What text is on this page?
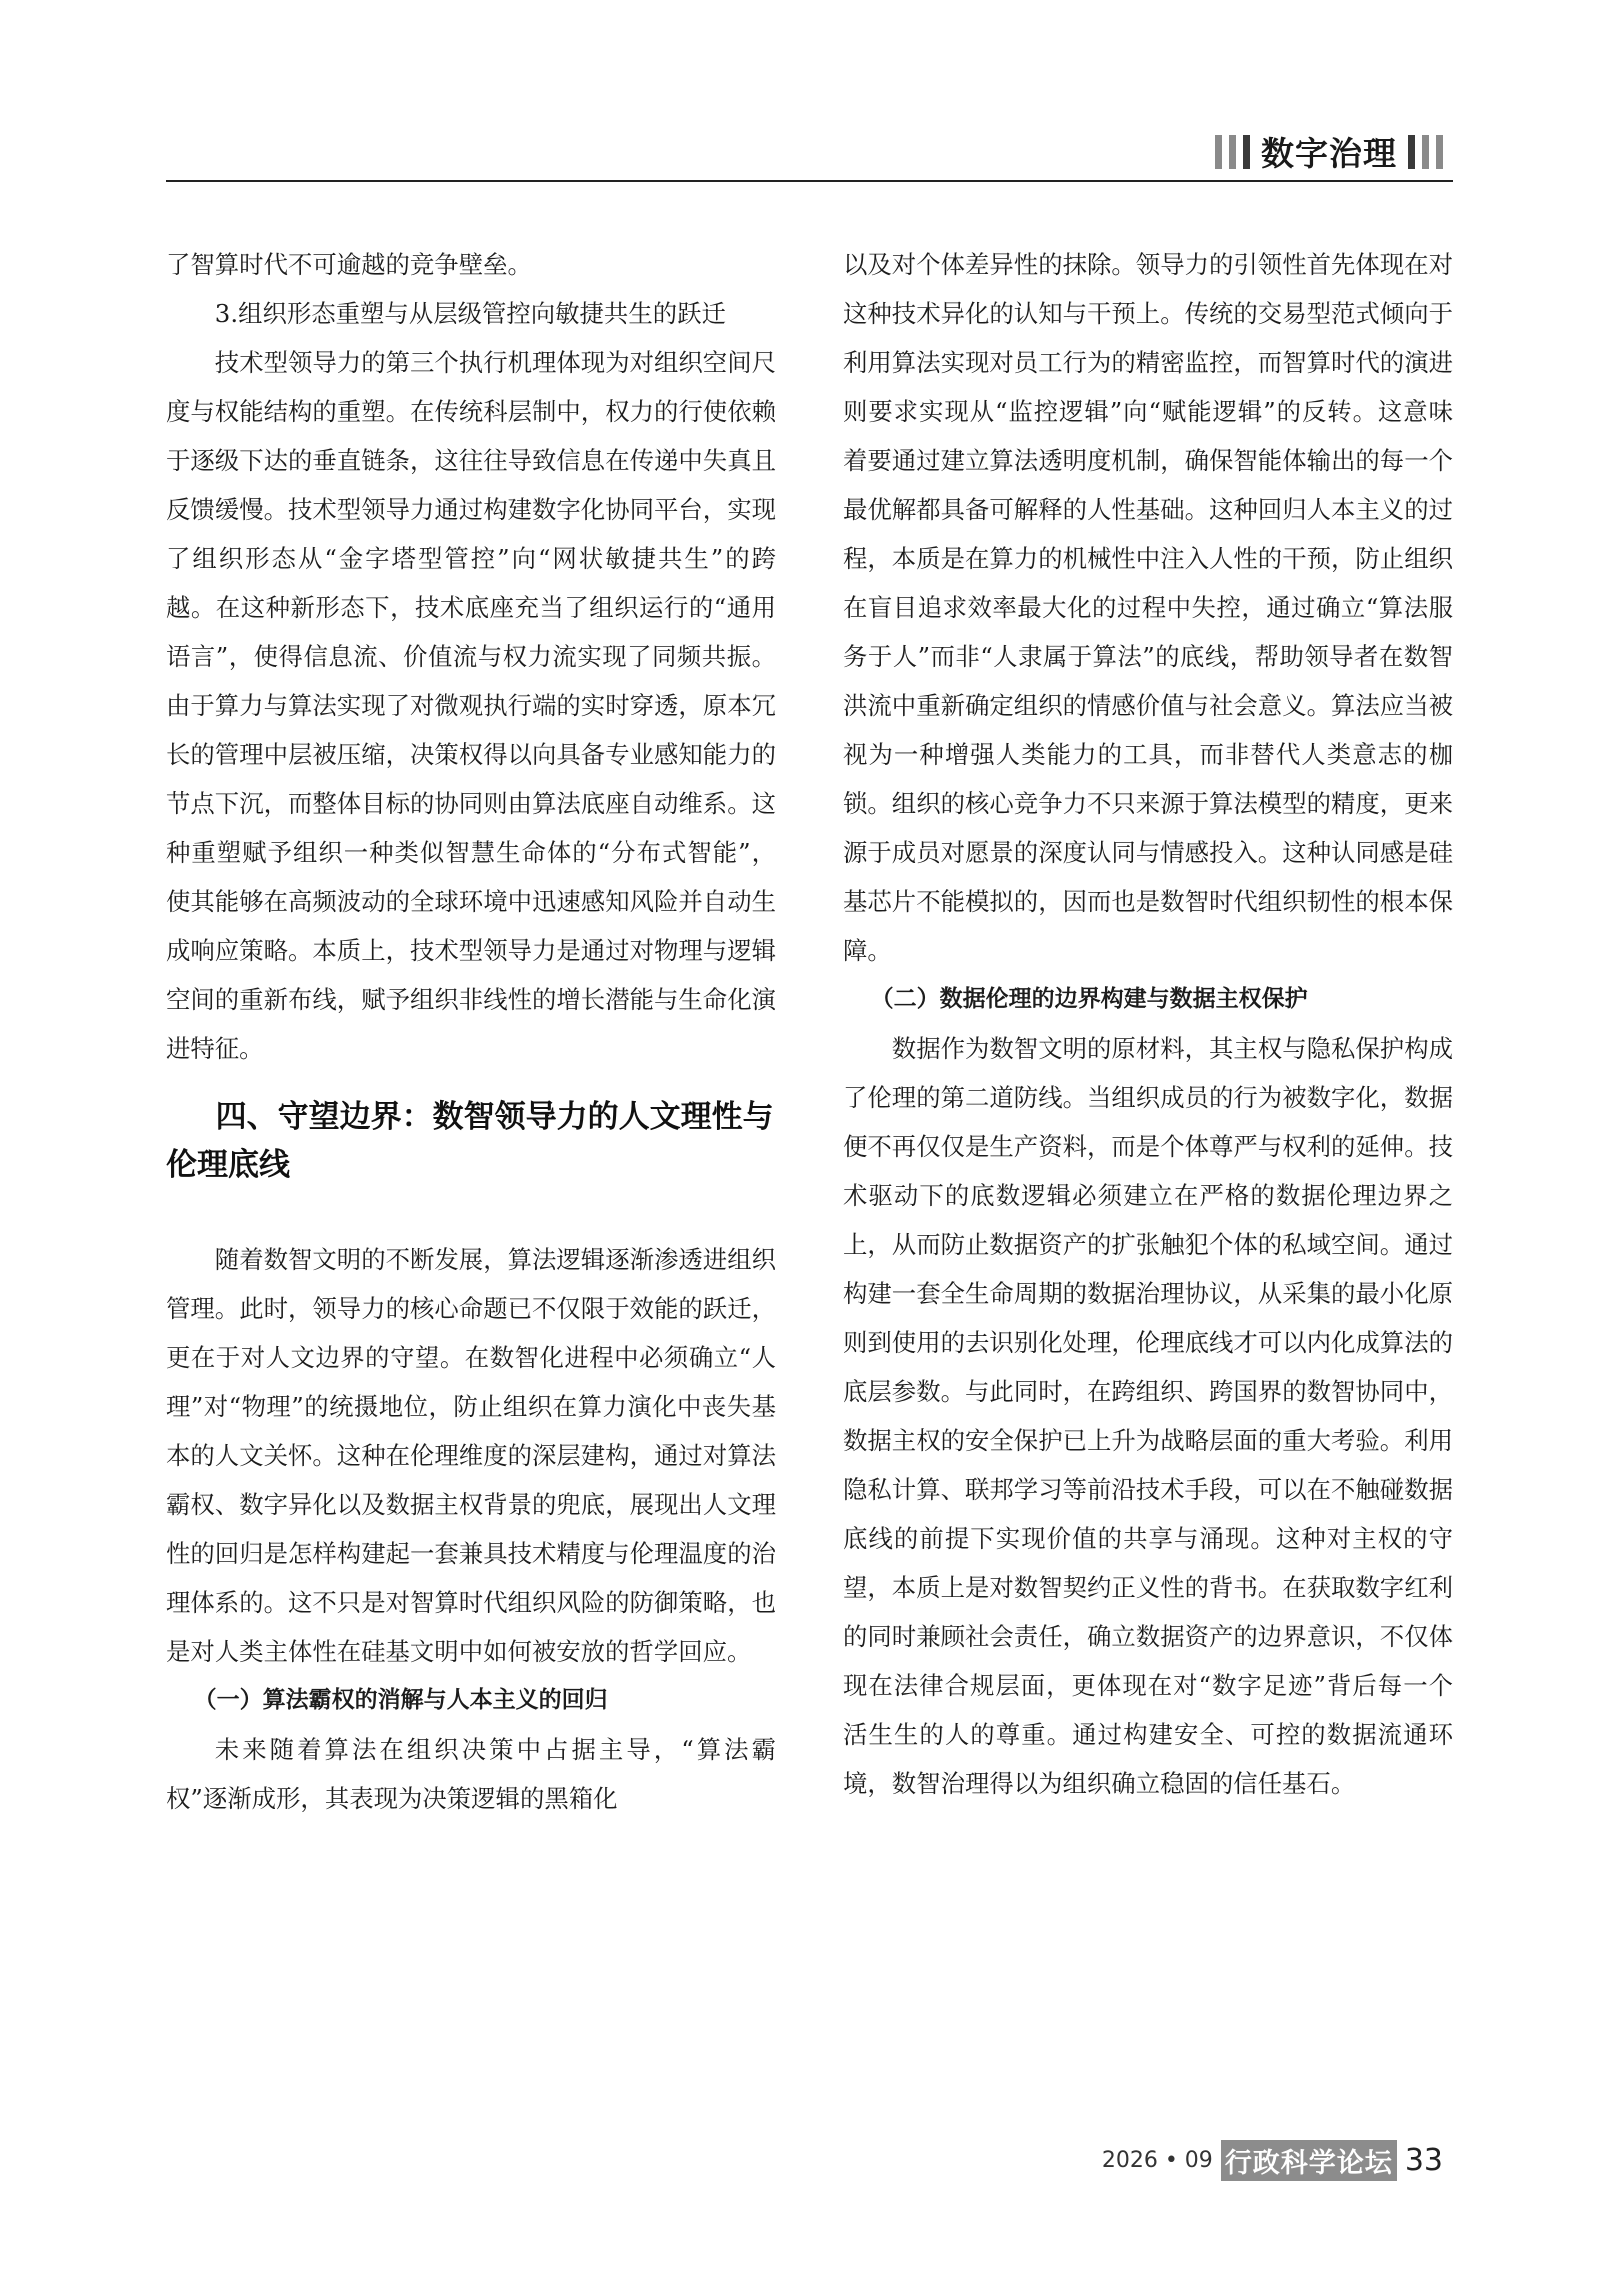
数字治理

了智算时代不可逾越的竞争壁垒。

3.组织形态重塑与从层级管控向敏捷共生的跃迁

技术型领导力的第三个执行机理体现为对组织空间尺度与权能结构的重塑。在传统科层制中，权力的行使依赖于逐级下达的垂直链条，这往往导致信息在传递中失真且反馈缓慢。技术型领导力通过构建数字化协同平台，实现了组织形态从“金字塔型管控”向“网状敏捷共生”的跨越。在这种新形态下，技术底座充当了组织运行的“通用语言”，使得信息流、价值流与权力流实现了同频共振。由于算力与算法实现了对微观执行端的实时穿透，原本冗长的管理中层被压缩，决策权得以向具备专业感知能力的节点下沉，而整体目标的协同则由算法底座自动维系。这种重塑赋予组织一种类似智慧生命体的“分布式智能”，使其能够在高频波动的全球环境中迅速感知风险并自动生成响应策略。本质上，技术型领导力是通过对物理与逻辑空间的重新布线，赋予组织非线性的增长潜能与生命化演进特征。

四、守望边界：数智领导力的人文理性与伦理底线

随着数智文明的不断发展，算法逻辑逐渐渗透进组织管理。此时，领导力的核心命题已不仅限于效能的跃迁，更在于对人文边界的守望。在数智化进程中必须确立“人理”对“物理”的统摄地位，防止组织在算力演化中丧失基本的人文关怀。这种在伦理维度的深层建构，通过对算法霸权、数字异化以及数据主权背景的兜底，展现出人文理性的回归是怎样构建起一套兼具技术精度与伦理温度的治理体系的。这不只是对智算时代组织风险的防御策略，也是对人类主体性在硅基文明中如何被安放的哲学回应。

（一）算法霸权的消解与人本主义的回归

未来随着算法在组织决策中占据主导，“算法霸权”逐渐成形，其表现为决策逻辑的黑箱化

以及对个体差异性的抹除。领导力的引领性首先体现在对这种技术异化的认知与干预上。传统的交易型范式倾向于利用算法实现对员工行为的精密监控，而智算时代的演进则要求实现从“监控逻辑”向“赋能逻辑”的反转。这意味着要通过建立算法透明度机制，确保智能体输出的每一个最优解都具备可解释的人性基础。这种回归人本主义的过程，本质是在算力的机械性中注入人性的干预，防止组织在盲目追求效率最大化的过程中失控，通过确立“算法服务于人”而非“人隶属于算法”的底线，帮助领导者在数智洪流中重新确定组织的情感价值与社会意义。算法应当被视为一种增强人类能力的工具，而非替代人类意志的枷锁。组织的核心竞争力不只来源于算法模型的精度，更来源于成员对愿景的深度认同与情感投入。这种认同感是硅基芯片不能模拟的，因而也是数智时代组织韧性的根本保障。

（二）数据伦理的边界构建与数据主权保护

数据作为数智文明的原材料，其主权与隐私保护构成了伦理的第二道防线。当组织成员的行为被数字化，数据便不再仅仅是生产资料，而是个体尊严与权利的延伸。技术驱动下的底数逻辑必须建立在严格的数据伦理边界之上，从而防止数据资产的扩张触犯个体的私域空间。通过构建一套全生命周期的数据治理协议，从采集的最小化原则到使用的去识别化处理，伦理底线才可以内化成算法的底层参数。与此同时，在跨组织、跨国界的数智协同中，数据主权的安全保护已上升为战略层面的重大考验。利用隐私计算、联邦学习等前沿技术手段，可以在不触碰数据底线的前提下实现价值的共享与涌现。这种对主权的守望，本质上是对数智契约正义性的背书。在获取数字红利的同时兼顾社会责任，确立数据资产的边界意识，不仅体现在法律合规层面，更体现在对“数字足迹”背后每一个活生生的人的尊重。通过构建安全、可控的数据流通环境，数智治理得以为组织确立稳固的信任基石。

2026 • 09 行政科学论坛 33
